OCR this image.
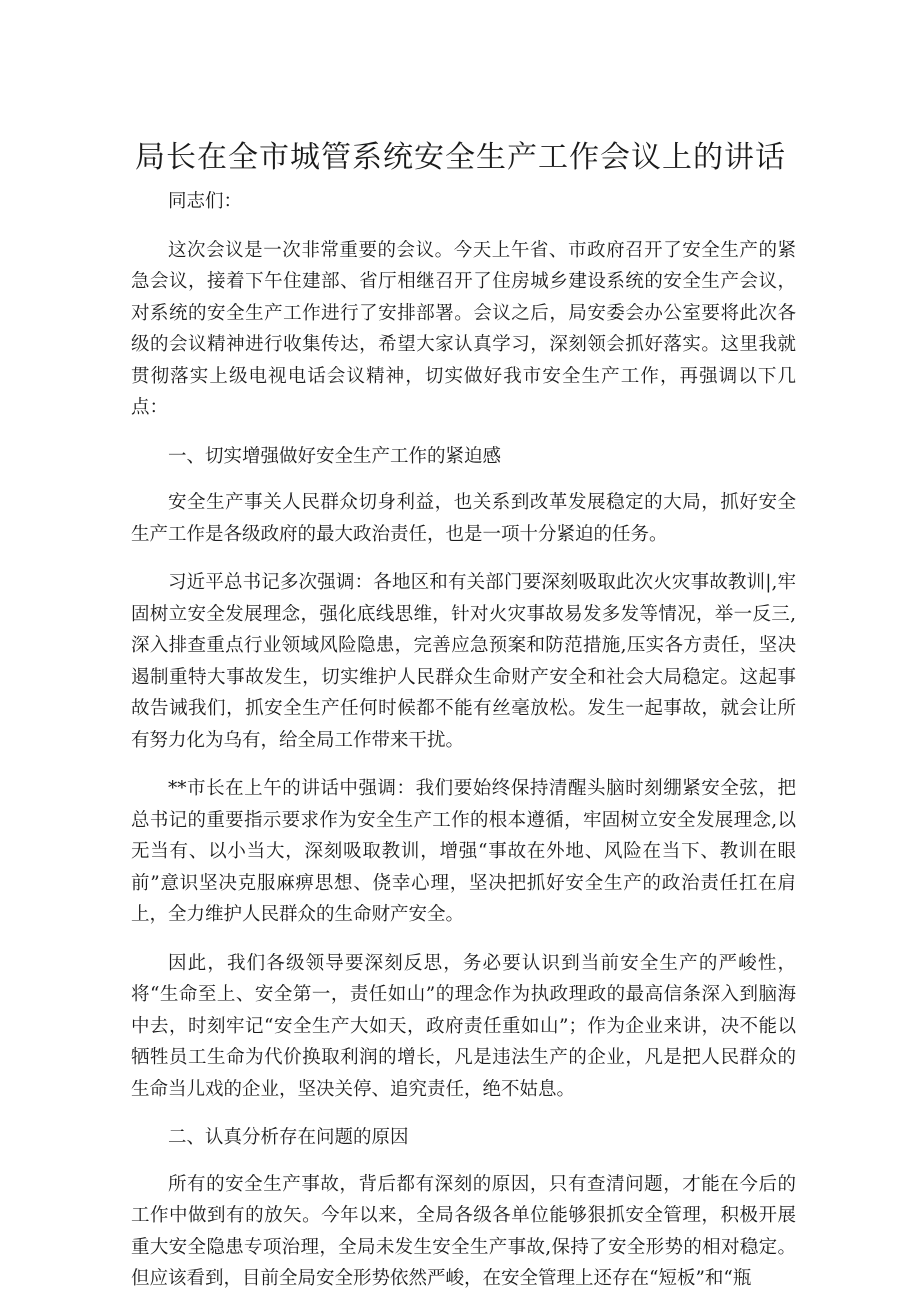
局长在全市城管系统安全生产工作会议上的讲话

同志们：

这次会议是一次非常重要的会议。今天上午省、市政府召开了安全生产的紧急会议，接着下午住建部、省厅相继召开了住房城乡建设系统的安全生产会议，对系统的安全生产工作进行了安排部署。会议之后，局安委会办公室要将此次各级的会议精神进行收集传达，希望大家认真学习，深刻领会抓好落实。这里我就贯彻落实上级电视电话会议精神，切实做好我市安全生产工作，再强调以下几点：

一、切实增强做好安全生产工作的紧迫感

安全生产事关人民群众切身利益，也关系到改革发展稳定的大局，抓好安全生产工作是各级政府的最大政治责任，也是一项十分紧迫的任务。

习近平总书记多次强调：各地区和有关部门要深刻吸取此次火灾事故教训|,牢固树立安全发展理念，强化底线思维，针对火灾事故易发多发等情况，举一反三,深入排查重点行业领域风险隐患，完善应急预案和防范措施,压实各方责任，坚决遏制重特大事故发生，切实维护人民群众生命财产安全和社会大局稳定。这起事故告诫我们，抓安全生产任何时候都不能有丝毫放松。发生一起事故，就会让所有努力化为乌有，给全局工作带来干扰。

**市长在上午的讲话中强调：我们要始终保持清醒头脑时刻绷紧安全弦，把总书记的重要指示要求作为安全生产工作的根本遵循，牢固树立安全发展理念,以无当有、以小当大，深刻吸取教训，增强“事故在外地、风险在当下、教训在眼前”意识坚决克服麻痹思想、侥幸心理，坚决把抓好安全生产的政治责任扛在肩上，全力维护人民群众的生命财产安全。

因此，我们各级领导要深刻反思，务必要认识到当前安全生产的严峻性，将“生命至上、安全第一，责任如山”的理念作为执政理政的最高信条深入到脑海中去，时刻牢记“安全生产大如天，政府责任重如山”；作为企业来讲，决不能以牺牲员工生命为代价换取利润的增长，凡是违法生产的企业，凡是把人民群众的生命当儿戏的企业，坚决关停、追究责任，绝不姑息。

二、认真分析存在问题的原因

所有的安全生产事故，背后都有深刻的原因，只有查清问题，才能在今后的工作中做到有的放矢。今年以来，全局各级各单位能够狠抓安全管理，积极开展重大安全隐患专项治理，全局未发生安全生产事故,保持了安全形势的相对稳定。但应该看到，目前全局安全形势依然严峻，在安全管理上还存在“短板”和“瓶
